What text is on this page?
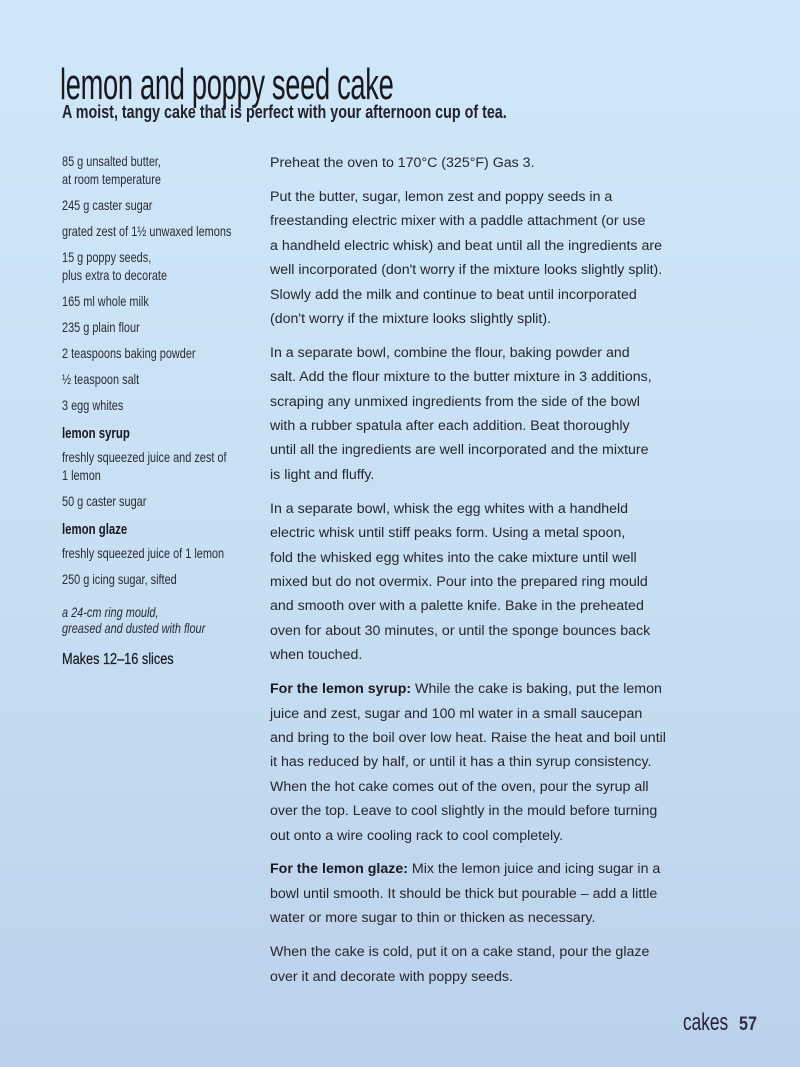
lemon and poppy seed cake
A moist, tangy cake that is perfect with your afternoon cup of tea.
85 g unsalted butter,
at room temperature
245 g caster sugar
grated zest of 1½ unwaxed lemons
15 g poppy seeds,
plus extra to decorate
165 ml whole milk
235 g plain flour
2 teaspoons baking powder
½ teaspoon salt
3 egg whites
lemon syrup
freshly squeezed juice and zest of
1 lemon
50 g caster sugar
lemon glaze
freshly squeezed juice of 1 lemon
250 g icing sugar, sifted
a 24-cm ring mould,
greased and dusted with flour
Makes 12–16 slices

Preheat the oven to 170°C (325°F) Gas 3.

Put the butter, sugar, lemon zest and poppy seeds in a
freestanding electric mixer with a paddle attachment (or use
a handheld electric whisk) and beat until all the ingredients are
well incorporated (don't worry if the mixture looks slightly split).
Slowly add the milk and continue to beat until incorporated
(don't worry if the mixture looks slightly split).

In a separate bowl, combine the flour, baking powder and
salt. Add the flour mixture to the butter mixture in 3 additions,
scraping any unmixed ingredients from the side of the bowl
with a rubber spatula after each addition. Beat thoroughly
until all the ingredients are well incorporated and the mixture
is light and fluffy.

In a separate bowl, whisk the egg whites with a handheld
electric whisk until stiff peaks form. Using a metal spoon,
fold the whisked egg whites into the cake mixture until well
mixed but do not overmix. Pour into the prepared ring mould
and smooth over with a palette knife. Bake in the preheated
oven for about 30 minutes, or until the sponge bounces back
when touched.

For the lemon syrup: While the cake is baking, put the lemon
juice and zest, sugar and 100 ml water in a small saucepan
and bring to the boil over low heat. Raise the heat and boil until
it has reduced by half, or until it has a thin syrup consistency.
When the hot cake comes out of the oven, pour the syrup all
over the top. Leave to cool slightly in the mould before turning
out onto a wire cooling rack to cool completely.

For the lemon glaze: Mix the lemon juice and icing sugar in a
bowl until smooth. It should be thick but pourable – add a little
water or more sugar to thin or thicken as necessary.

When the cake is cold, put it on a cake stand, pour the glaze
over it and decorate with poppy seeds.

cakes 57
